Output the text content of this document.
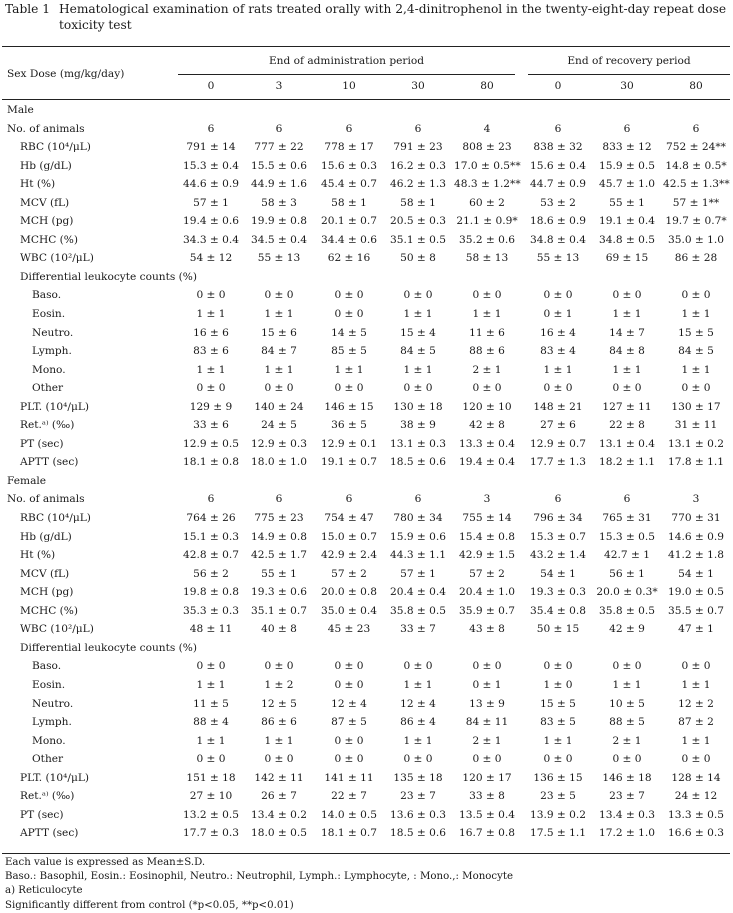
Table 1 Hematological examination of rats treated orally with 2,4-dinitrophenol in the twenty-eight-day repeat dose toxicity test
Sex Dose (mg/kg/day)
End of administration period	End of recovery period
0	3	10	30	80	0	30	80
Male
No. of animals	6	6	6	6	4	6	6	6
RBC (10⁴/μL)	791 ± 14	777 ± 22	778 ± 17	791 ± 23	808 ± 23	838 ± 32	833 ± 12	752 ± 24**
Hb (g/dL)	15.3 ± 0.4	15.5 ± 0.6	15.6 ± 0.3	16.2 ± 0.3 17.0 ± 0.5** 15.6 ± 0.4	15.9 ± 0.5 14.8 ± 0.5*
Ht (%)	44.6 ± 0.9	44.9 ± 1.6	45.4 ± 0.7	46.2 ± 1.3 48.3 ± 1.2** 44.7 ± 0.9	45.7 ± 1.0 42.5 ± 1.3**
MCV (fL)	57 ± 1	58 ± 3	58 ± 1	58 ± 1	60 ± 2	53 ± 2	55 ± 1	57 ± 1**
MCH (pg)	19.4 ± 0.6	19.9 ± 0.8	20.1 ± 0.7	20.5 ± 0.3 21.1 ± 0.9*	18.6 ± 0.9	19.1 ± 0.4 19.7 ± 0.7*
MCHC (%)	34.3 ± 0.4	34.5 ± 0.4	34.4 ± 0.6	35.1 ± 0.5	35.2 ± 0.6	34.8 ± 0.4	34.8 ± 0.5	35.0 ± 1.0
WBC (10²/μL)	54 ± 12	55 ± 13	62 ± 16	50 ± 8	58 ± 13	55 ± 13	69 ± 15	86 ± 28
Differential leukocyte counts (%)
Baso.	0 ± 0	0 ± 0	0 ± 0	0 ± 0	0 ± 0	0 ± 0	0 ± 0	0 ± 0
Eosin.	1 ± 1	1 ± 1	0 ± 0	1 ± 1	1 ± 1	0 ± 1	1 ± 1	1 ± 1
Neutro.	16 ± 6	15 ± 6	14 ± 5	15 ± 4	11 ± 6	16 ± 4	14 ± 7	15 ± 5
Lymph.	83 ± 6	84 ± 7	85 ± 5	84 ± 5	88 ± 6	83 ± 4	84 ± 8	84 ± 5
Mono.	1 ± 1	1 ± 1	1 ± 1	1 ± 1	2 ± 1	1 ± 1	1 ± 1	1 ± 1
Other	0 ± 0	0 ± 0	0 ± 0	0 ± 0	0 ± 0	0 ± 0	0 ± 0	0 ± 0
PLT. (10⁴/μL)	129 ± 9	140 ± 24	146 ± 15	130 ± 18	120 ± 10	148 ± 21	127 ± 11	130 ± 17
Ret.ᵃ⁾ (‰)	33 ± 6	24 ± 5	36 ± 5	38 ± 9	42 ± 8	27 ± 6	22 ± 8	31 ± 11
PT (sec)	12.9 ± 0.5	12.9 ± 0.3	12.9 ± 0.1	13.1 ± 0.3	13.3 ± 0.4	12.9 ± 0.7	13.1 ± 0.4	13.1 ± 0.2
APTT (sec)	18.1 ± 0.8	18.0 ± 1.0	19.1 ± 0.7	18.5 ± 0.6	19.4 ± 0.4	17.7 ± 1.3	18.2 ± 1.1	17.8 ± 1.1
Female
No. of animals	6	6	6	6	3	6	6	3
RBC (10⁴/μL)	764 ± 26	775 ± 23	754 ± 47	780 ± 34	755 ± 14	796 ± 34	765 ± 31	770 ± 31
Hb (g/dL)	15.1 ± 0.3	14.9 ± 0.8	15.0 ± 0.7	15.9 ± 0.6	15.4 ± 0.8	15.3 ± 0.7	15.3 ± 0.5	14.6 ± 0.9
Ht (%)	42.8 ± 0.7	42.5 ± 1.7	42.9 ± 2.4	44.3 ± 1.1	42.9 ± 1.5	43.2 ± 1.4	42.7 ± 1	41.2 ± 1.8
MCV (fL)	56 ± 2	55 ± 1	57 ± 2	57 ± 1	57 ± 2	54 ± 1	56 ± 1	54 ± 1
MCH (pg)	19.8 ± 0.8	19.3 ± 0.6	20.0 ± 0.8	20.4 ± 0.4	20.4 ± 1.0	19.3 ± 0.3 20.0 ± 0.3* 19.0 ± 0.5
MCHC (%)	35.3 ± 0.3	35.1 ± 0.7	35.0 ± 0.4	35.8 ± 0.5	35.9 ± 0.7	35.4 ± 0.8	35.8 ± 0.5	35.5 ± 0.7
WBC (10²/μL)	48 ± 11	40 ± 8	45 ± 23	33 ± 7	43 ± 8	50 ± 15	42 ± 9	47 ± 1
Differential leukocyte counts (%)
Baso.	0 ± 0	0 ± 0	0 ± 0	0 ± 0	0 ± 0	0 ± 0	0 ± 0	0 ± 0
Eosin.	1 ± 1	1 ± 2	0 ± 0	1 ± 1	0 ± 1	1 ± 0	1 ± 1	1 ± 1
Neutro.	11 ± 5	12 ± 5	12 ± 4	12 ± 4	13 ± 9	15 ± 5	10 ± 5	12 ± 2
Lymph.	88 ± 4	86 ± 6	87 ± 5	86 ± 4	84 ± 11	83 ± 5	88 ± 5	87 ± 2
Mono.	1 ± 1	1 ± 1	0 ± 0	1 ± 1	2 ± 1	1 ± 1	2 ± 1	1 ± 1
Other	0 ± 0	0 ± 0	0 ± 0	0 ± 0	0 ± 0	0 ± 0	0 ± 0	0 ± 0
PLT. (10⁴/μL)	151 ± 18	142 ± 11	141 ± 11	135 ± 18	120 ± 17	136 ± 15	146 ± 18	128 ± 14
Ret.ᵃ⁾ (‰)	27 ± 10	26 ± 7	22 ± 7	23 ± 7	33 ± 8	23 ± 5	23 ± 7	24 ± 12
PT (sec)	13.2 ± 0.5	13.4 ± 0.2	14.0 ± 0.5	13.6 ± 0.3	13.5 ± 0.4	13.9 ± 0.2	13.4 ± 0.3	13.3 ± 0.5
APTT (sec)	17.7 ± 0.3	18.0 ± 0.5	18.1 ± 0.7	18.5 ± 0.6	16.7 ± 0.8	17.5 ± 1.1	17.2 ± 1.0	16.6 ± 0.3
Each value is expressed as Mean±S.D.
Baso.: Basophil, Eosin.: Eosinophil, Neutro.: Neutrophil, Lymph.: Lymphocyte, : Mono.,: Monocyte
a) Reticulocyte
Significantly different from control (*p<0.05, **p<0.01)
